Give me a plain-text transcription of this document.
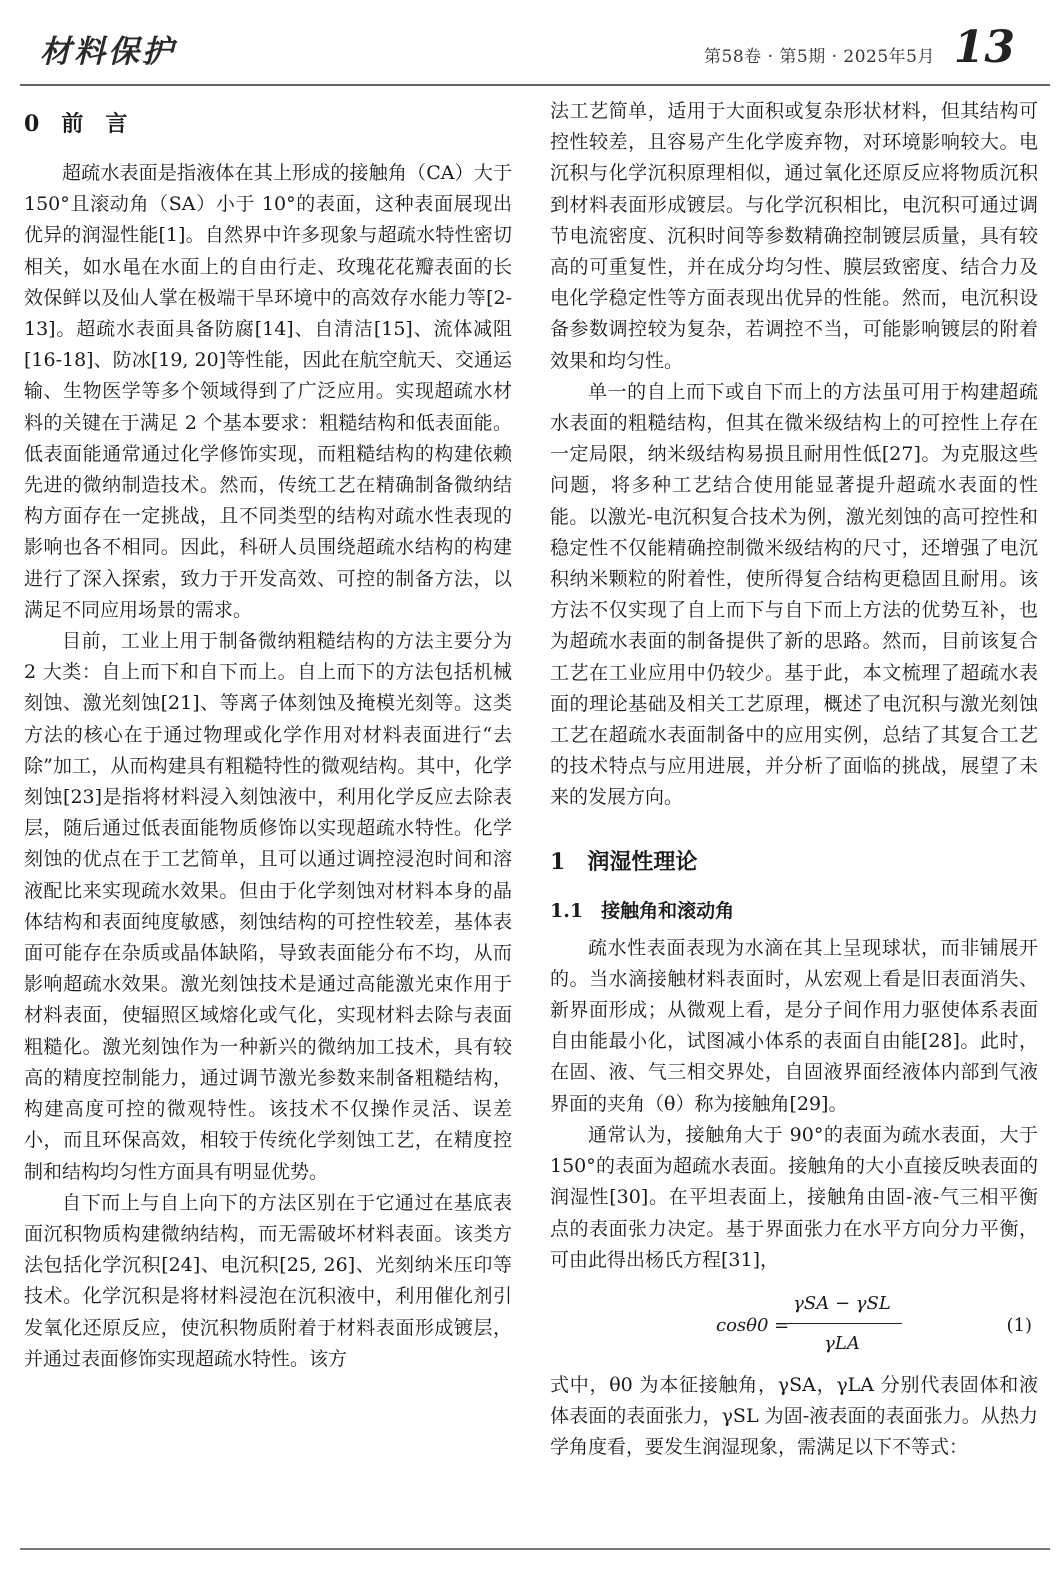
材料保护	第58卷 · 第5期 · 2025年5月 13
0 前　言

超疏水表面是指液体在其上形成的接触角（CA）大于 150°且滚动角（SA）小于 10°的表面，这种表面展现出优异的润湿性能[1]。自然界中许多现象与超疏水特性密切相关，如水黾在水面上的自由行走、玫瑰花花瓣表面的长效保鲜以及仙人掌在极端干旱环境中的高效存水能力等[2-13]。超疏水表面具备防腐[14]、自清洁[15]、流体减阻[16-18]、防冰[19, 20]等性能，因此在航空航天、交通运输、生物医学等多个领域得到了广泛应用。实现超疏水材料的关键在于满足 2 个基本要求：粗糙结构和低表面能。低表面能通常通过化学修饰实现，而粗糙结构的构建依赖先进的微纳制造技术。然而，传统工艺在精确制备微纳结构方面存在一定挑战，且不同类型的结构对疏水性表现的影响也各不相同。因此，科研人员围绕超疏水结构的构建进行了深入探索，致力于开发高效、可控的制备方法，以满足不同应用场景的需求。

目前，工业上用于制备微纳粗糙结构的方法主要分为 2 大类：自上而下和自下而上。自上而下的方法包括机械刻蚀、激光刻蚀[21]、等离子体刻蚀及掩模光刻等。这类方法的核心在于通过物理或化学作用对材料表面进行“去除”加工，从而构建具有粗糙特性的微观结构。其中，化学刻蚀[23]是指将材料浸入刻蚀液中，利用化学反应去除表层，随后通过低表面能物质修饰以实现超疏水特性。化学刻蚀的优点在于工艺简单，且可以通过调控浸泡时间和溶液配比来实现疏水效果。但由于化学刻蚀对材料本身的晶体结构和表面纯度敏感，刻蚀结构的可控性较差，基体表面可能存在杂质或晶体缺陷，导致表面能分布不均，从而影响超疏水效果。激光刻蚀技术是通过高能激光束作用于材料表面，使辐照区域熔化或气化，实现材料去除与表面粗糙化。激光刻蚀作为一种新兴的微纳加工技术，具有较高的精度控制能力，通过调节激光参数来制备粗糙结构，构建高度可控的微观特性。该技术不仅操作灵活、误差小，而且环保高效，相较于传统化学刻蚀工艺，在精度控制和结构均匀性方面具有明显优势。

自下而上与自上向下的方法区别在于它通过在基底表面沉积物质构建微纳结构，而无需破坏材料表面。该类方法包括化学沉积[24]、电沉积[25, 26]、光刻纳米压印等技术。化学沉积是将材料浸泡在沉积液中，利用催化剂引发氧化还原反应，使沉积物质附着于材料表面形成镀层，并通过表面修饰实现超疏水特性。该方

法工艺简单，适用于大面积或复杂形状材料，但其结构可控性较差，且容易产生化学废弃物，对环境影响较大。电沉积与化学沉积原理相似，通过氧化还原反应将物质沉积到材料表面形成镀层。与化学沉积相比，电沉积可通过调节电流密度、沉积时间等参数精确控制镀层质量，具有较高的可重复性，并在成分均匀性、膜层致密度、结合力及电化学稳定性等方面表现出优异的性能。然而，电沉积设备参数调控较为复杂，若调控不当，可能影响镀层的附着效果和均匀性。

单一的自上而下或自下而上的方法虽可用于构建超疏水表面的粗糙结构，但其在微米级结构上的可控性上存在一定局限，纳米级结构易损且耐用性低[27]。为克服这些问题，将多种工艺结合使用能显著提升超疏水表面的性能。以激光-电沉积复合技术为例，激光刻蚀的高可控性和稳定性不仅能精确控制微米级结构的尺寸，还增强了电沉积纳米颗粒的附着性，使所得复合结构更稳固且耐用。该方法不仅实现了自上而下与自下而上方法的优势互补，也为超疏水表面的制备提供了新的思路。然而，目前该复合工艺在工业应用中仍较少。基于此，本文梳理了超疏水表面的理论基础及相关工艺原理，概述了电沉积与激光刻蚀工艺在超疏水表面制备中的应用实例，总结了其复合工艺的技术特点与应用进展，并分析了面临的挑战，展望了未来的发展方向。

1 润湿性理论
1.1 接触角和滚动角

疏水性表面表现为水滴在其上呈现球状，而非铺展开的。当水滴接触材料表面时，从宏观上看是旧表面消失、新界面形成；从微观上看，是分子间作用力驱使体系表面自由能最小化，试图减小体系的表面自由能[28]。此时，在固、液、气三相交界处，自固液界面经液体内部到气液界面的夹角（θ）称为接触角[29]。

通常认为，接触角大于 90°的表面为疏水表面，大于 150°的表面为超疏水表面。接触角的大小直接反映表面的润湿性[30]。在平坦表面上，接触角由固-液-气三相平衡点的表面张力决定。基于界面张力在水平方向分力平衡，可由此得出杨氏方程[31]，

cosθ0 =
γSA − γSL
γLA
(1)

式中，θ0 为本征接触角，γSA，γLA 分别代表固体和液体表面的表面张力，γSL 为固-液表面的表面张力。从热力学角度看，要发生润湿现象，需满足以下不等式：
